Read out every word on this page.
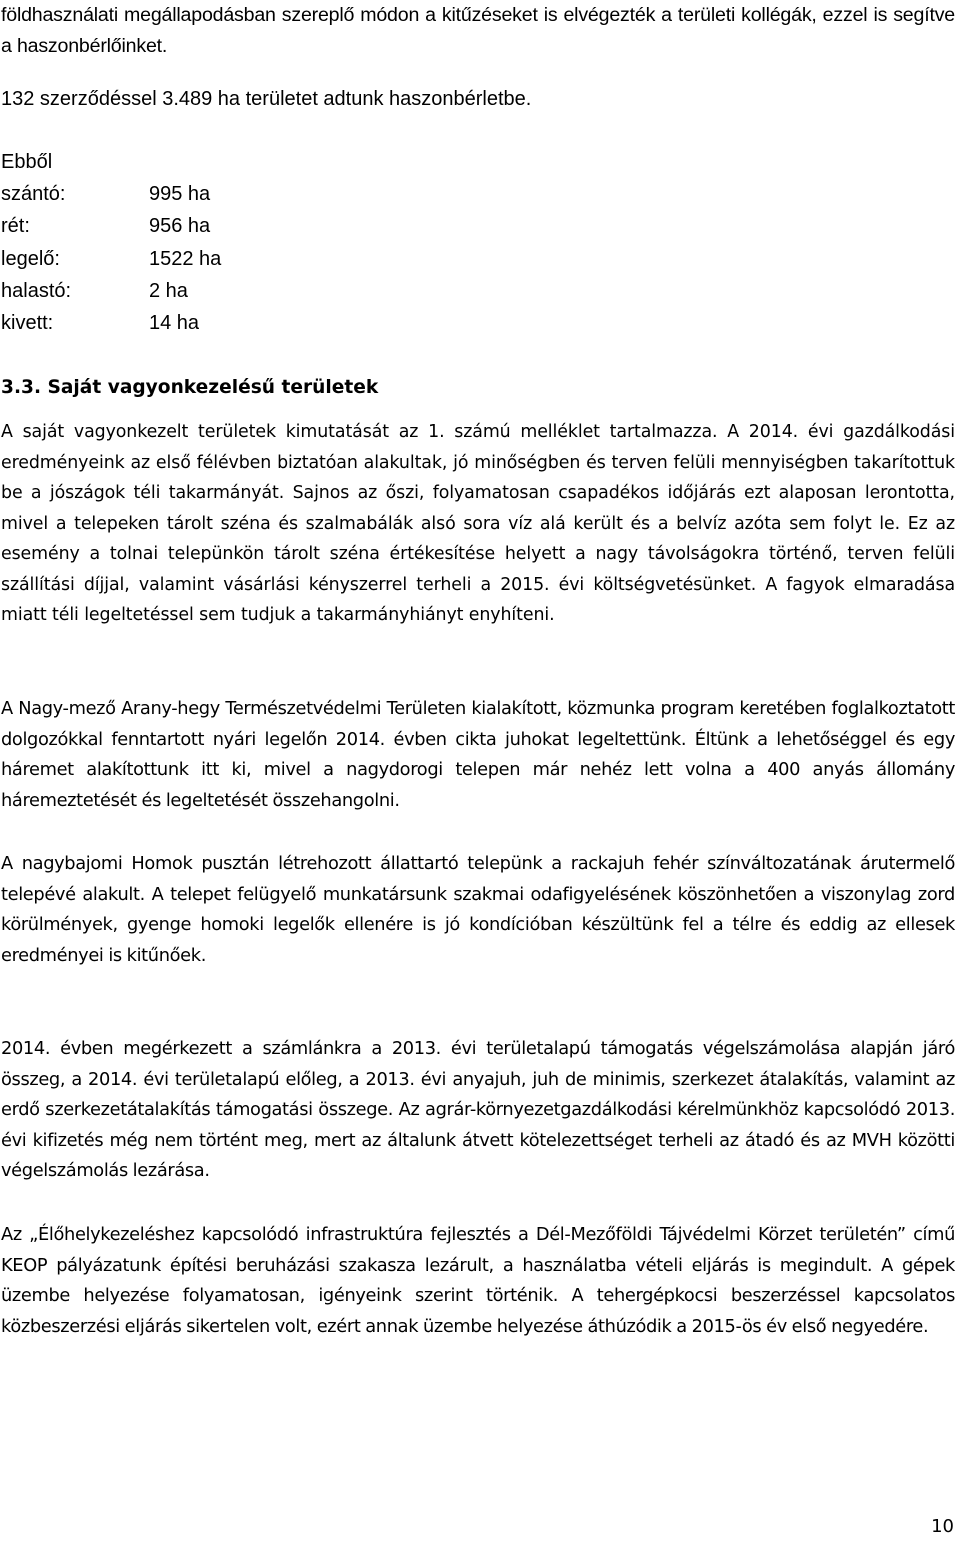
földhasználati megállapodásban szereplő módon a kitűzéseket is elvégezték a területi kollégák, ezzel is segítve a haszonbérlőinket.

132 szerződéssel 3.489 ha területet adtunk haszonbérletbe.
Ebből
szántó:	995 ha
rét:	956 ha
legelő:	1522 ha
halastó:	2 ha
kivett:	14 ha
3.3. Saját vagyonkezelésű területek

A saját vagyonkezelt területek kimutatását az 1. számú melléklet tartalmazza. A 2014. évi gazdálkodási eredményeink az első félévben biztatóan alakultak, jó minőségben és terven felüli mennyiségben takarítottuk be a jószágok téli takarmányát. Sajnos az őszi, folyamatosan csapadékos időjárás ezt alaposan lerontotta, mivel a telepeken tárolt széna és szalmabálák alsó sora víz alá került és a belvíz azóta sem folyt le. Ez az esemény a tolnai telepünkön tárolt széna értékesítése helyett a nagy távolságokra történő, terven felüli szállítási díjjal, valamint vásárlási kényszerrel terheli a 2015. évi költségvetésünket. A fagyok elmaradása miatt téli legeltetéssel sem tudjuk a takarmányhiányt enyhíteni.

A Nagy-mező Arany-hegy Természetvédelmi Területen kialakított, közmunka program keretében foglalkoztatott dolgozókkal fenntartott nyári legelőn 2014. évben cikta juhokat legeltettünk. Éltünk a lehetőséggel és egy háremet alakítottunk itt ki, mivel a nagydorogi telepen már nehéz lett volna a 400 anyás állomány háremeztetését és legeltetését összehangolni.

A nagybajomi Homok pusztán létrehozott állattartó telepünk a rackajuh fehér színváltozatának árutermelő telepévé alakult. A telepet felügyelő munkatársunk szakmai odafigyelésének köszönhetően a viszonylag zord körülmények, gyenge homoki legelők ellenére is jó kondícióban készültünk fel a télre és eddig az ellesek eredményei is kitűnőek.

2014. évben megérkezett a számlánkra a 2013. évi területalapú támogatás végelszámolása alapján járó összeg, a 2014. évi területalapú előleg, a 2013. évi anyajuh, juh de minimis, szerkezet átalakítás, valamint az erdő szerkezetátalakítás támogatási összege. Az agrár-környezetgazdálkodási kérelmünkhöz kapcsolódó 2013. évi kifizetés még nem történt meg, mert az általunk átvett kötelezettséget terheli az átadó és az MVH közötti végelszámolás lezárása.

Az „Élőhelykezeléshez kapcsolódó infrastruktúra fejlesztés a Dél-Mezőföldi Tájvédelmi Körzet területén” című KEOP pályázatunk építési beruházási szakasza lezárult, a használatba vételi eljárás is megindult. A gépek üzembe helyezése folyamatosan, igényeink szerint történik. A tehergépkocsi beszerzéssel kapcsolatos közbeszerzési eljárás sikertelen volt, ezért annak üzembe helyezése áthúzódik a 2015-ös év első negyedére.

10
